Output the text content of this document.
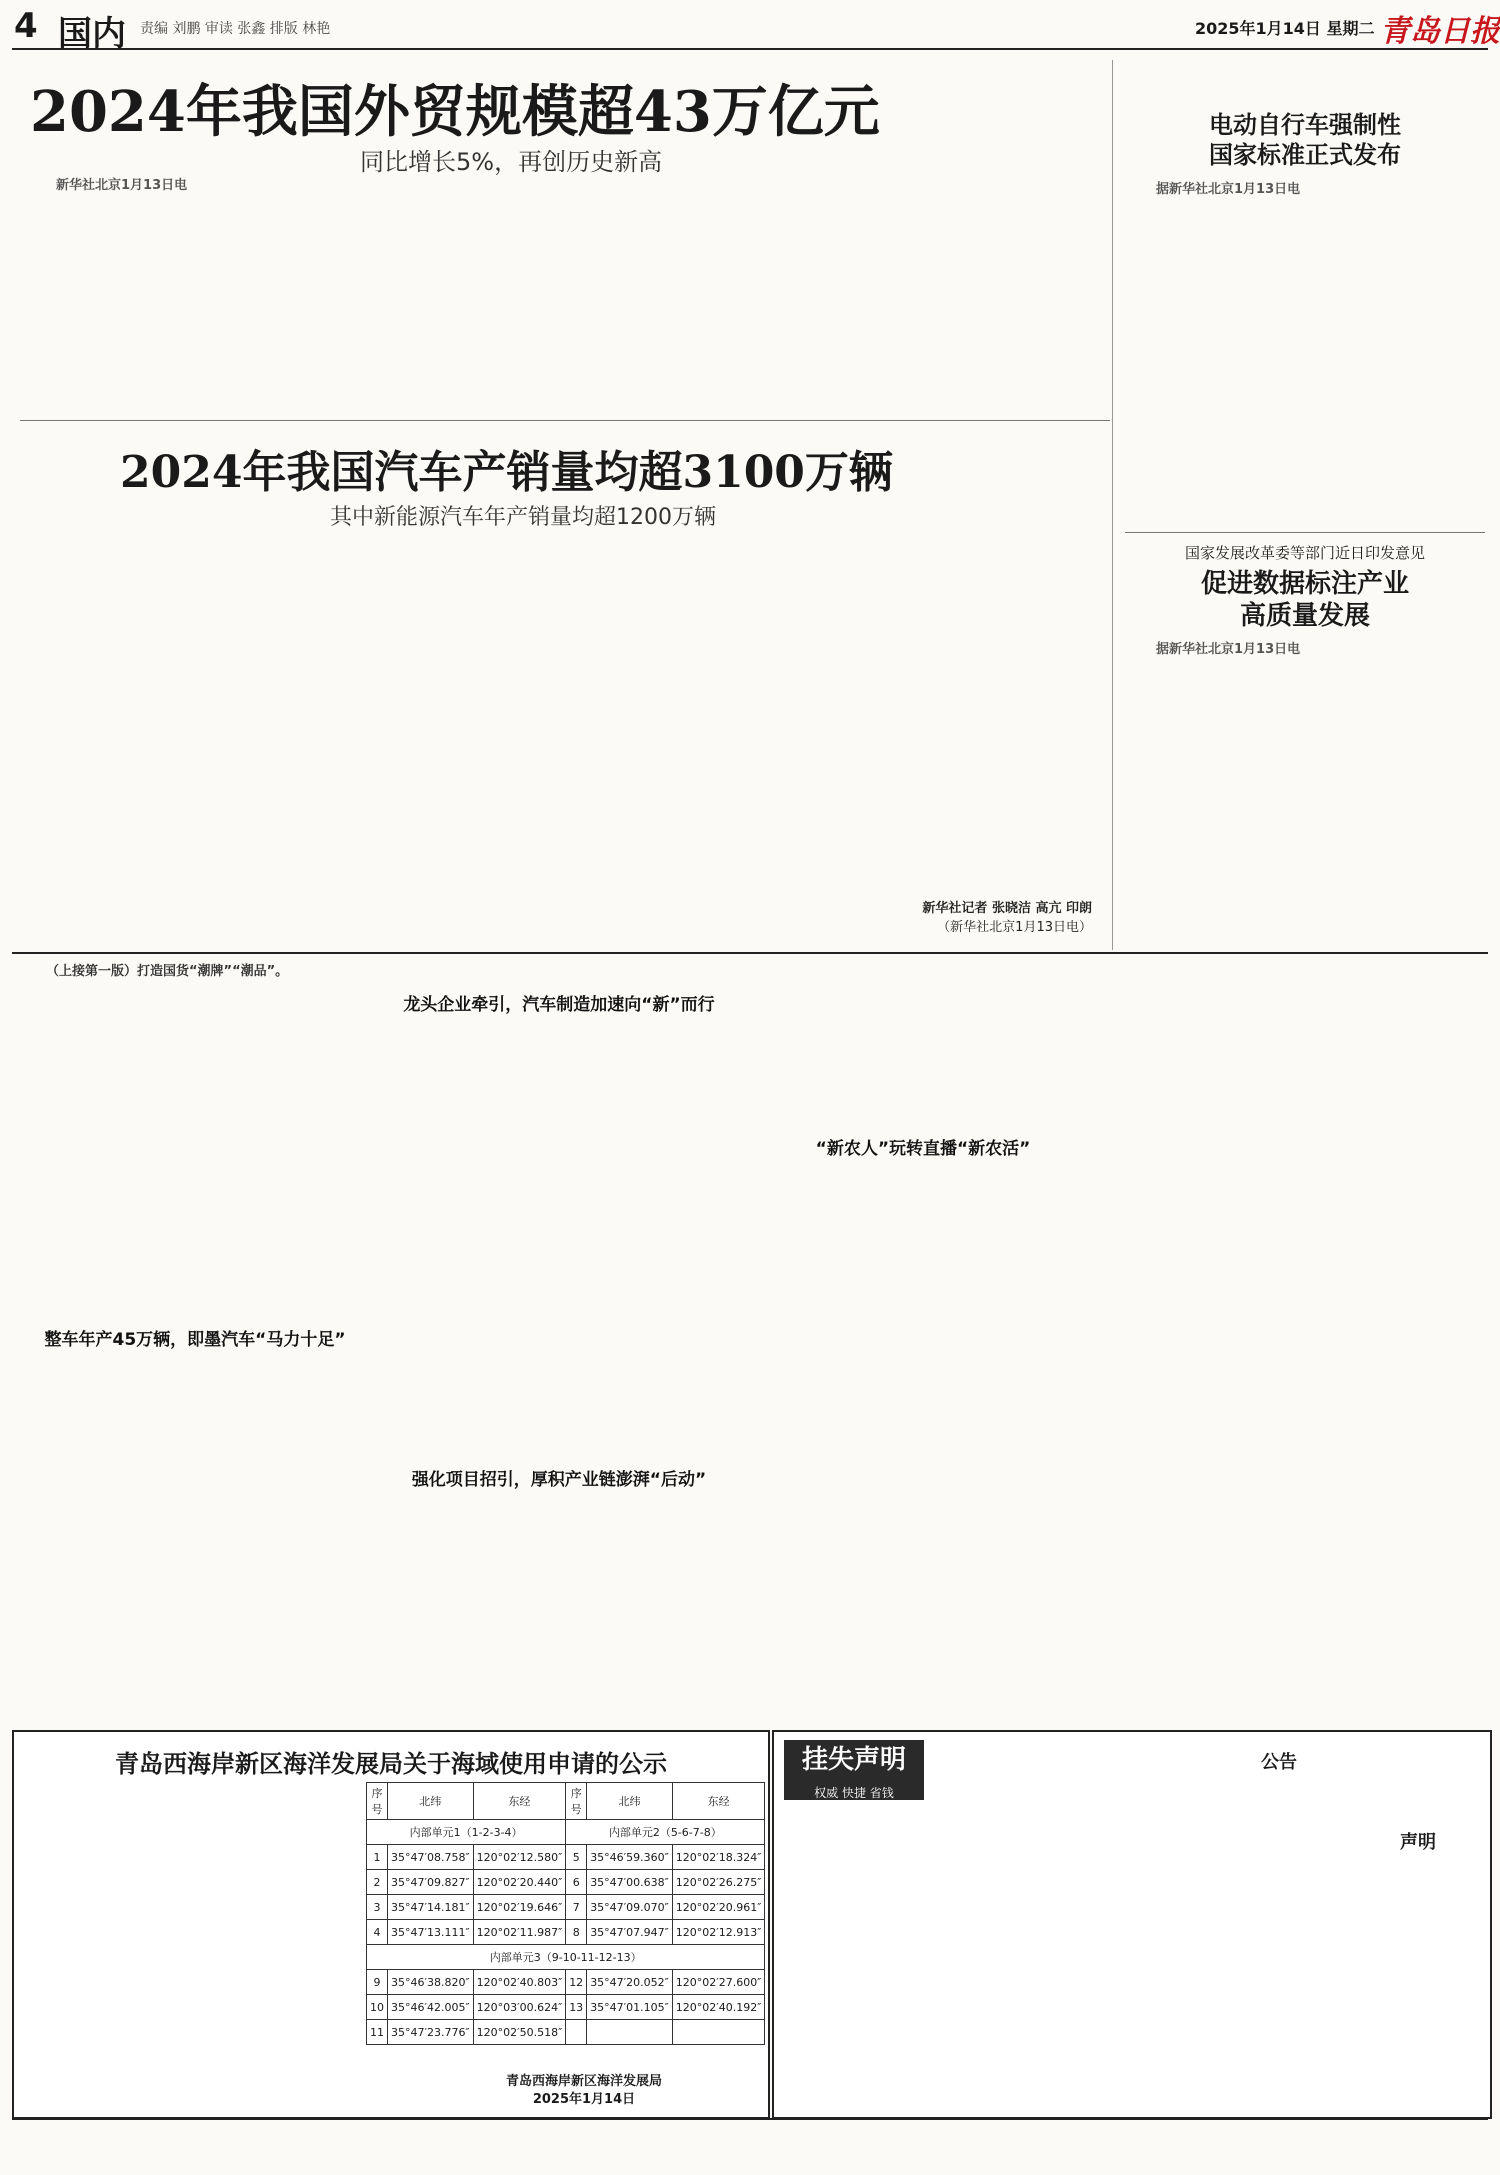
4 国内 责编 刘鹏 审读 张鑫 排版 林艳	2025年1月14日 星期二 青岛日报
2024年我国外贸规模超43万亿元
同比增长5%，再创历史新高

新华社北京1月13日电

2024年我国汽车产销量均超3100万辆
其中新能源汽车年产销量均超1200万辆
新华社记者 张晓洁 高亢 印朗
（新华社北京1月13日电）
电动自行车强制性
国家标准正式发布

据新华社北京1月13日电

国家发展改革委等部门近日印发意见
促进数据标注产业
高质量发展

据新华社北京1月13日电

（上接第一版）打造国货“潮牌”“潮品”。

整车年产45万辆，即墨汽车“马力十足”
龙头企业牵引，汽车制造加速向“新”而行
强化项目招引，厚积产业链澎湃“后动”
“新农人”玩转直播“新农活”
青岛西海岸新区海洋发展局关于海域使用申请的公示
序号	北纬	东经	序号	北纬	东经
内部单元1（1-2-3-4）			内部单元2（5-6-7-8）		
1	35°47′08.758″	120°02′12.580″	5	35°46′59.360″	120°02′18.324″
2	35°47′09.827″	120°02′20.440″	6	35°47′00.638″	120°02′26.275″
3	35°47′14.181″	120°02′19.646″	7	35°47′09.070″	120°02′20.961″
4	35°47′13.111″	120°02′11.987″	8	35°47′07.947″	120°02′12.913″
内部单元3（9-10-11-12-13）					
9	35°46′38.820″	120°02′40.803″	12	35°47′20.052″	120°02′27.600″
10	35°46′42.005″	120°03′00.624″	13	35°47′01.105″	120°02′40.192″
11	35°47′23.776″	120°02′50.518″			
青岛西海岸新区海洋发展局
2025年1月14日
挂失声明
权威 快捷 省钱
公告
声明
